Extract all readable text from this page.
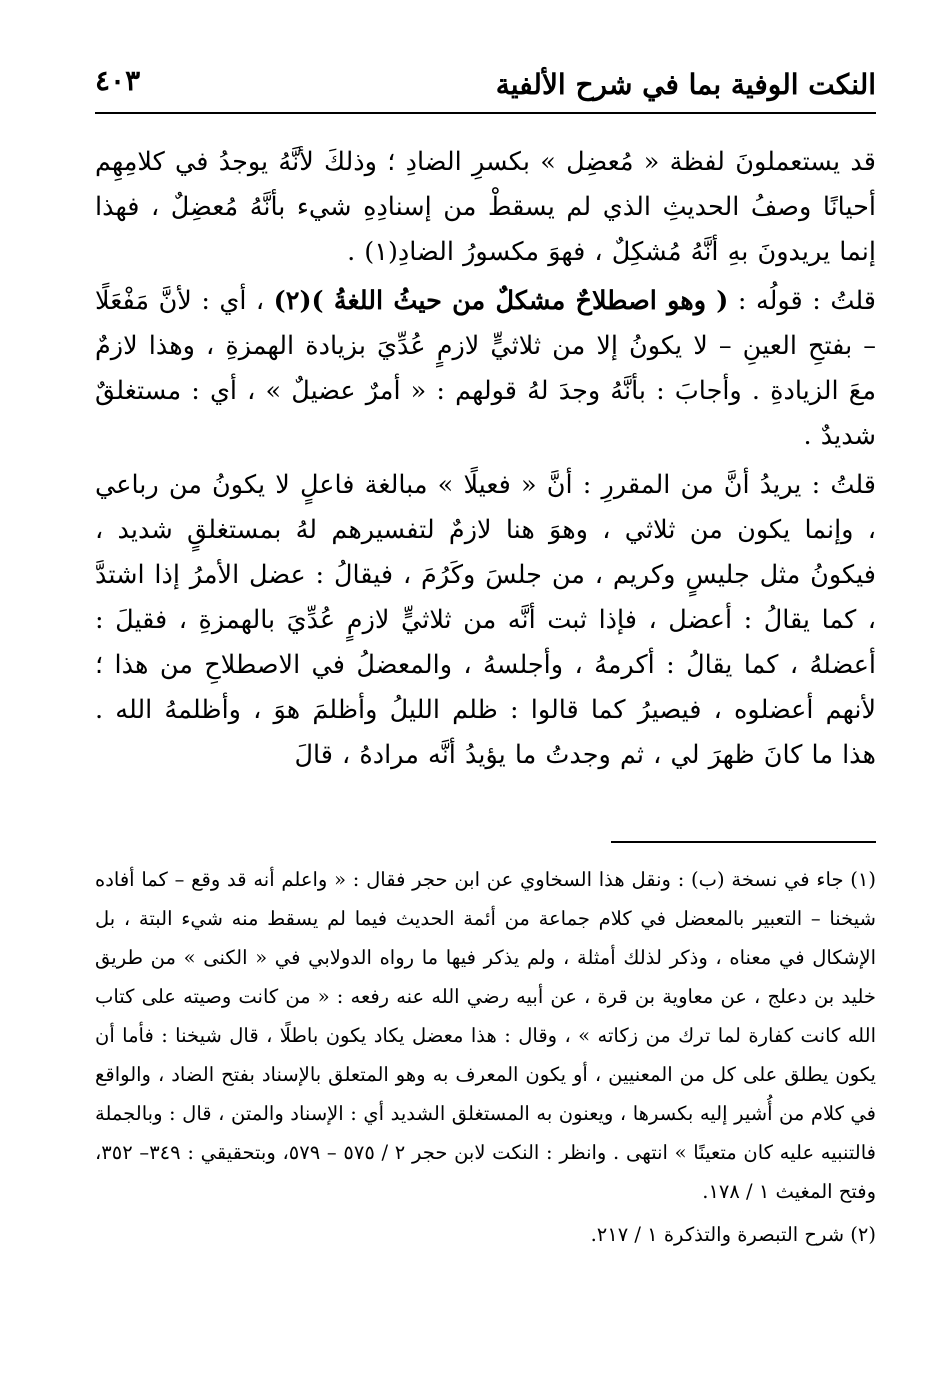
النكت الوفية بما في شرح الألفية
٤٠٣

قد يستعملونَ لفظة « مُعضِل » بكسرِ الضادِ ؛ وذلكَ لأنَّهُ يوجدُ في كلامِهِم أحيانًا وصفُ الحديثِ الذي لم يسقطْ من إسنادِهِ شيء بأنَّهُ مُعضِلٌ ، فهذا إنما يريدونَ بهِ أنَّهُ مُشكِلٌ ، فهوَ مكسورُ الضادِ(١) .

قلتُ : قولُه : ( وهو اصطلاحٌ مشكلٌ من حيثُ اللغةُ )(٢) ، أي : لأنَّ مَفْعَلًا – بفتحِ العينِ – لا يكونُ إلا من ثلاثيٍّ لازمٍ عُدِّيَ بزيادة الهمزةِ ، وهذا لازمٌ معَ الزيادةِ . وأجابَ : بأنَّهُ وجدَ لهُ قولهم : « أمرٌ عضيلٌ » ، أي : مستغلقٌ شديدٌ .

قلتُ : يريدُ أنَّ من المقررِ : أنَّ « فعيلًا » مبالغة فاعلٍ لا يكونُ من رباعي ، وإنما يكون من ثلاثي ، وهوَ هنا لازمٌ لتفسيرهم لهُ بمستغلقٍ شديد ، فيكونُ مثل جليسٍ وكريم ، من جلسَ وكَرُمَ ، فيقالُ : عضل الأمرُ إذا اشتدَّ ، كما يقالُ : أعضل ، فإذا ثبت أنَّه من ثلاثيٍّ لازمٍ عُدِّيَ بالهمزةِ ، فقيلَ : أعضلهُ ، كما يقالُ : أكرمهُ ، وأجلسهُ ، والمعضلُ في الاصطلاحِ من هذا ؛ لأنهم أعضلوه ، فيصيرُ كما قالوا : ظلم الليلُ وأظلمَ هوَ ، وأظلمهُ الله . هذا ما كانَ ظهرَ لي ، ثم وجدتُ ما يؤيدُ أنَّه مرادهُ ، قالَ

(١) جاء في نسخة (ب) : ونقل هذا السخاوي عن ابن حجر فقال : « واعلم أنه قد وقع – كما أفاده شيخنا – التعبير بالمعضل في كلام جماعة من أئمة الحديث فيما لم يسقط منه شيء البتة ، بل الإشكال في معناه ، وذكر لذلك أمثلة ، ولم يذكر فيها ما رواه الدولابي في « الكنى » من طريق خليد بن دعلج ، عن معاوية بن قرة ، عن أبيه رضي الله عنه رفعه : « من كانت وصيته على كتاب الله كانت كفارة لما ترك من زكاته » ، وقال : هذا معضل يكاد يكون باطلًا ، قال شيخنا : فأما أن يكون يطلق على كل من المعنيين ، أو يكون المعرف به وهو المتعلق بالإسناد بفتح الضاد ، والواقع في كلام من أُشير إليه بكسرها ، ويعنون به المستغلق الشديد أي : الإسناد والمتن ، قال : وبالجملة فالتنبيه عليه كان متعينًا » انتهى . وانظر : النكت لابن حجر ٢ / ٥٧٥ – ٥٧٩، وبتحقيقي : ٣٤٩– ٣٥٢، وفتح المغيث ١ / ١٧٨.

(٢) شرح التبصرة والتذكرة ١ / ٢١٧.
